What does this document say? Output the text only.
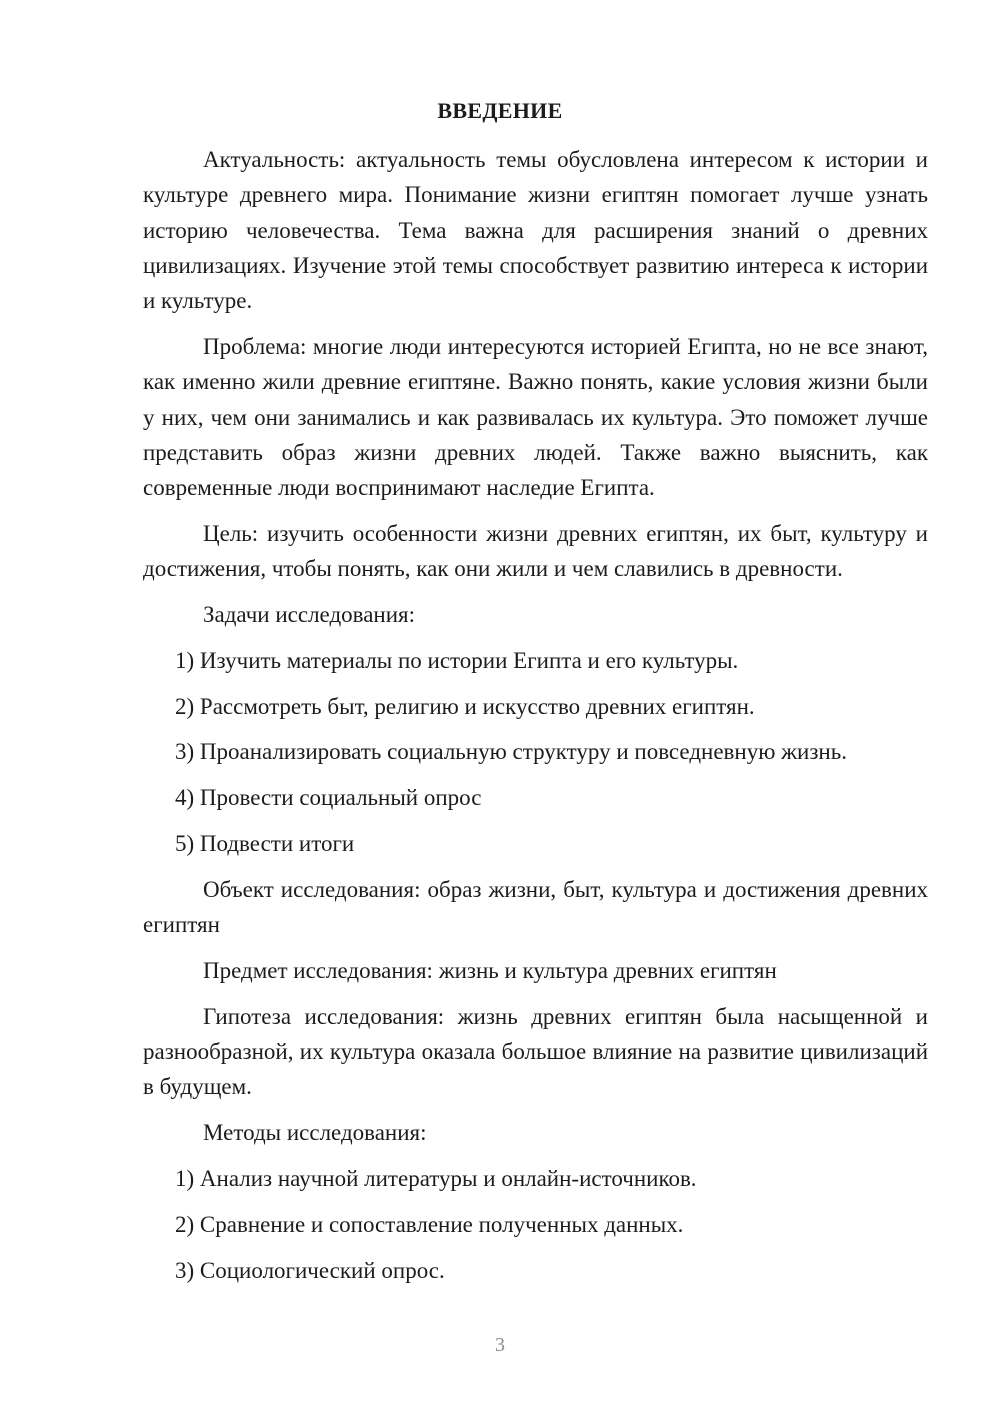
ВВЕДЕНИЕ

Актуальность: актуальность темы обусловлена интересом к истории и культуре древнего мира. Понимание жизни египтян помогает лучше узнать историю человечества. Тема важна для расширения знаний о древних цивилизациях. Изучение этой темы способствует развитию интереса к истории и культуре.

Проблема: многие люди интересуются историей Египта, но не все знают, как именно жили древние египтяне. Важно понять, какие условия жизни были у них, чем они занимались и как развивалась их культура. Это поможет лучше представить образ жизни древних людей. Также важно выяснить, как современные люди воспринимают наследие Египта.

Цель: изучить особенности жизни древних египтян, их быт, культуру и достижения, чтобы понять, как они жили и чем славились в древности.

Задачи исследования:

1) Изучить материалы по истории Египта и его культуры.

2) Рассмотреть быт, религию и искусство древних египтян.

3) Проанализировать социальную структуру и повседневную жизнь.

4) Провести социальный опрос

5) Подвести итоги

Объект исследования: образ жизни, быт, культура и достижения древних египтян

Предмет исследования: жизнь и культура древних египтян

Гипотеза исследования: жизнь древних египтян была насыщенной и разнообразной, их культура оказала большое влияние на развитие цивилизаций в будущем.

Методы исследования:

1) Анализ научной литературы и онлайн-источников.

2) Сравнение и сопоставление полученных данных.

3) Социологический опрос.

3
